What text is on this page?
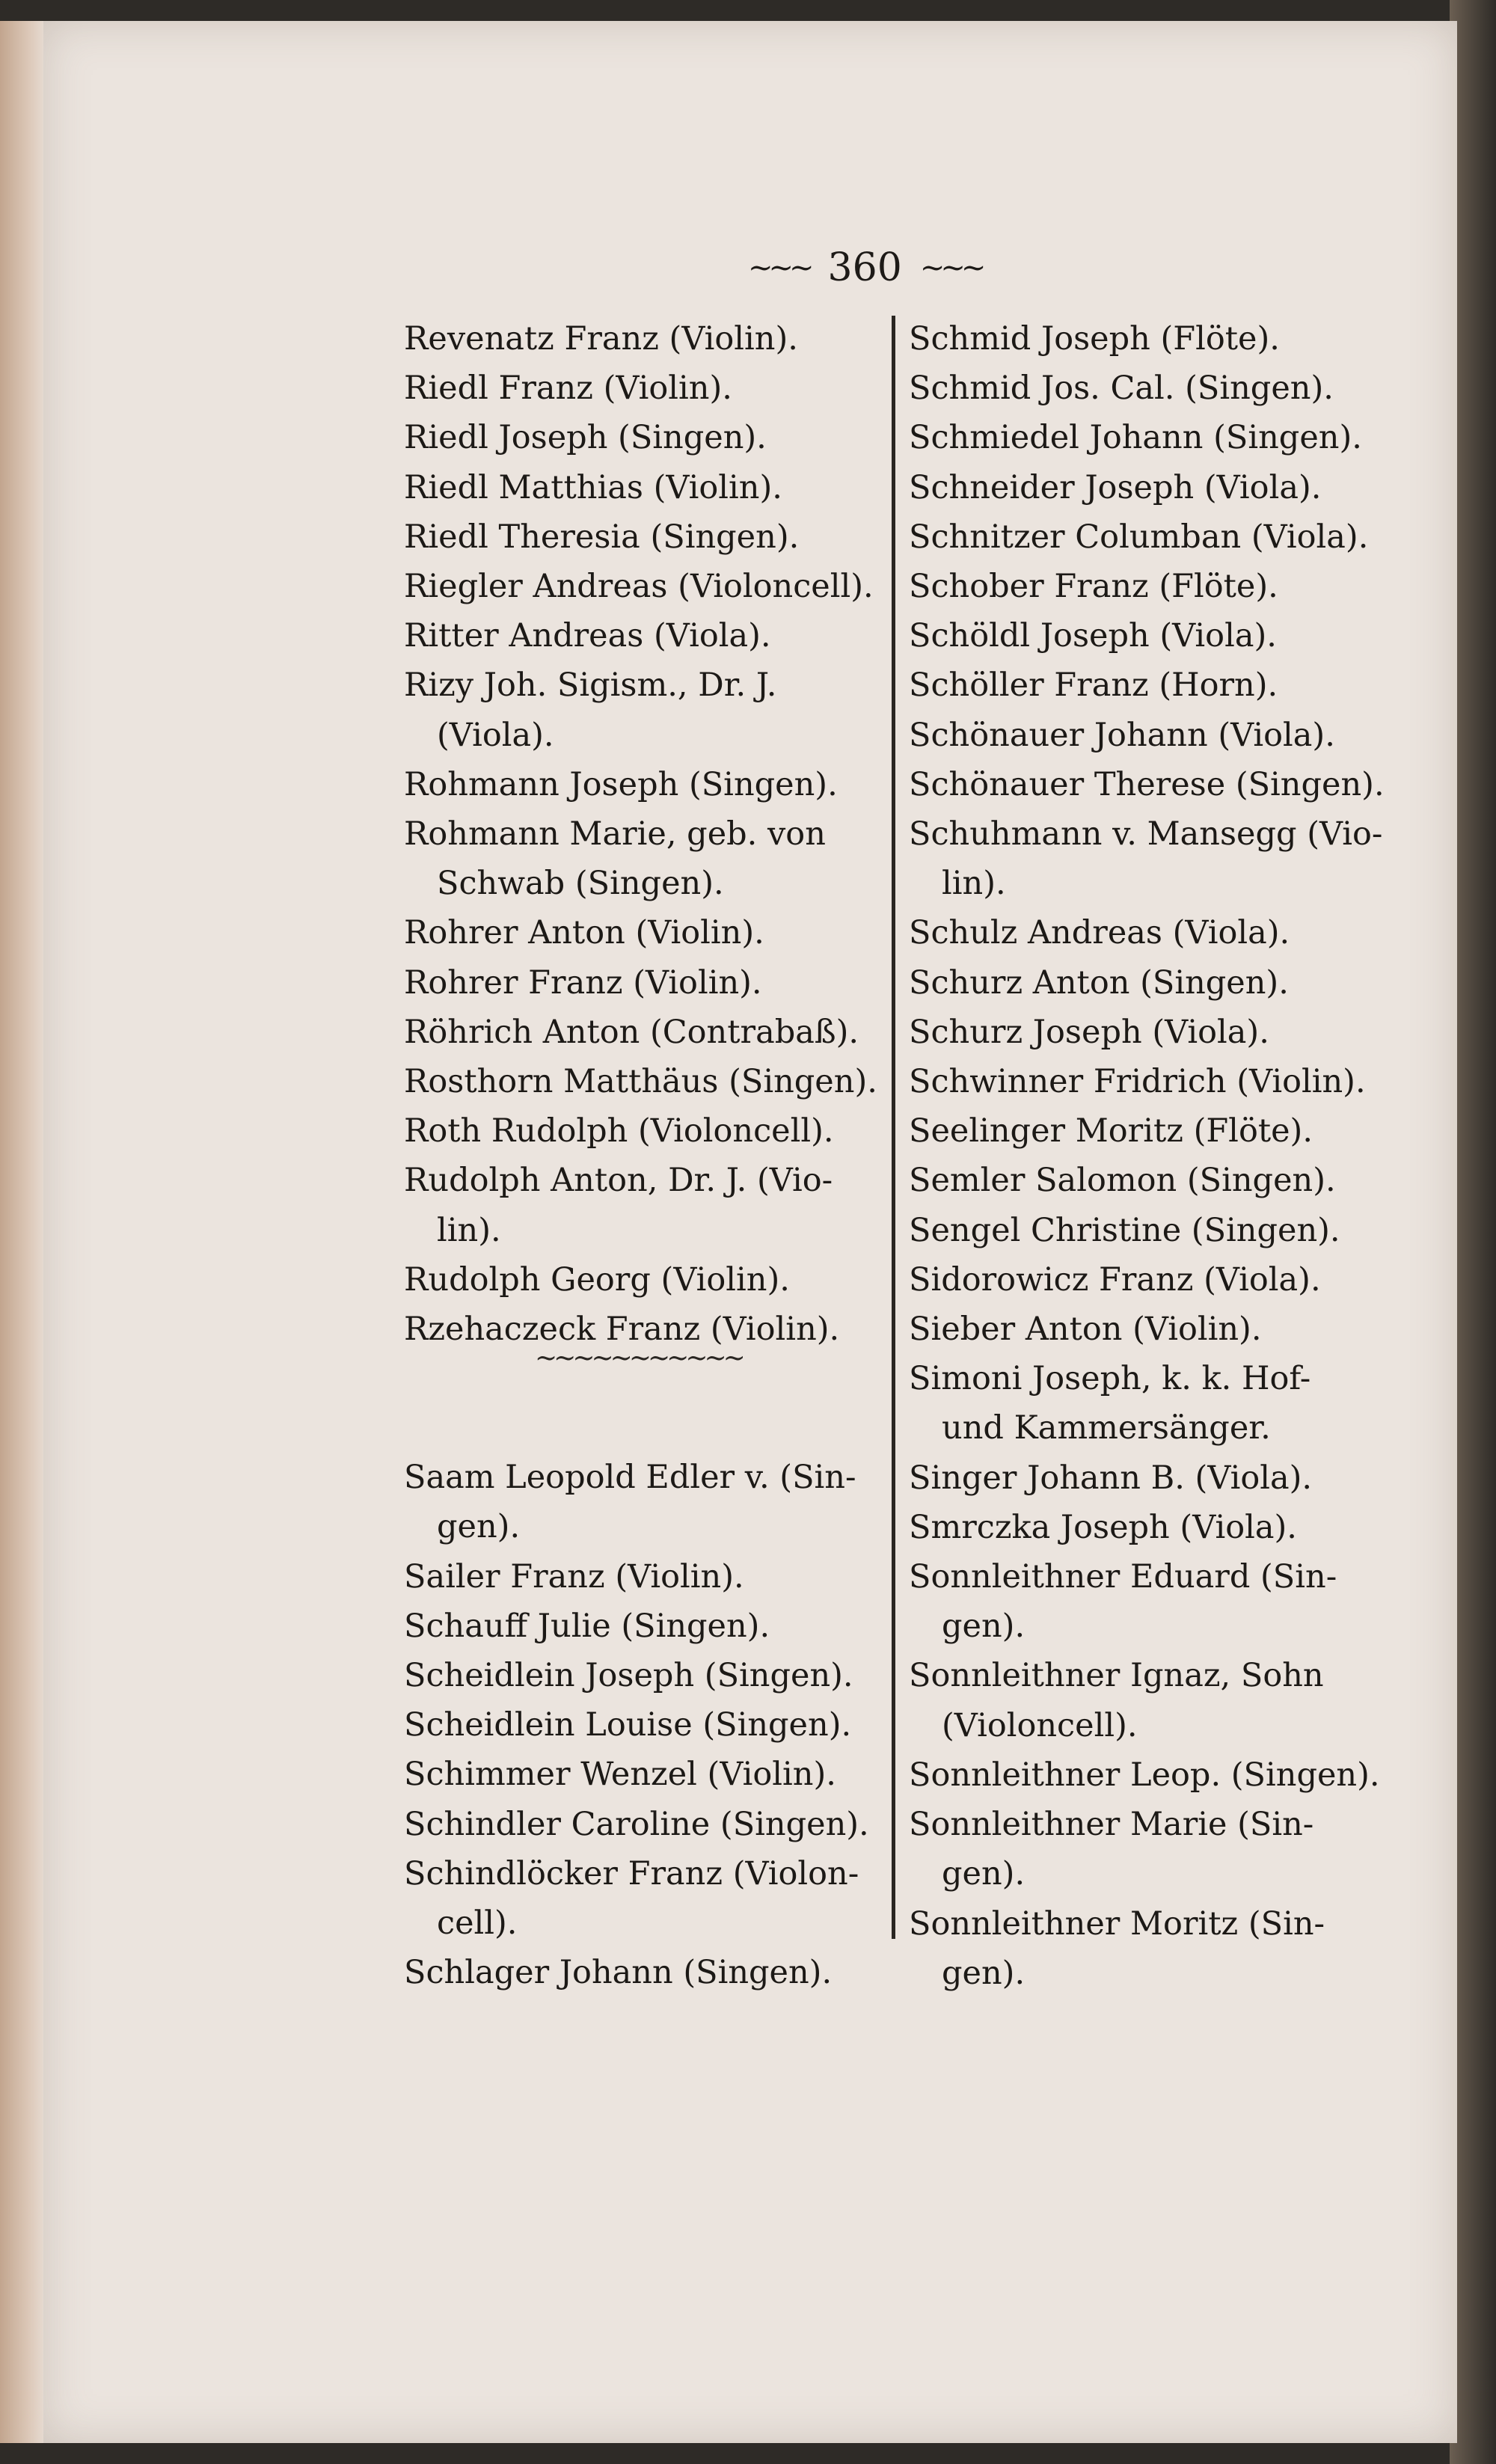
~~~ 360 ~~~

Revenatz Franz (Violin).

Riedl Franz (Violin).

Riedl Joseph (Singen).

Riedl Matthias (Violin).

Riedl Theresia (Singen).

Riegler Andreas (Violoncell).

Ritter Andreas (Viola).

Rizy Joh. Sigism., Dr. J.

(Viola).

Rohmann Joseph (Singen).

Rohmann Marie, geb. von

Schwab (Singen).

Rohrer Anton (Violin).

Rohrer Franz (Violin).

Röhrich Anton (Contrabaß).

Rosthorn Matthäus (Singen).

Roth Rudolph (Violoncell).

Rudolph Anton, Dr. J. (Vio-

lin).

Rudolph Georg (Violin).

Rzehaczeck Franz (Violin).

Saam Leopold Edler v. (Sin-

gen).

Sailer Franz (Violin).

Schauff Julie (Singen).

Scheidlein Joseph (Singen).

Scheidlein Louise (Singen).

Schimmer Wenzel (Violin).

Schindler Caroline (Singen).

Schindlöcker Franz (Violon-

cell).

Schlager Johann (Singen).

~~~~~~~~~~~

Schmid Joseph (Flöte).

Schmid Jos. Cal. (Singen).

Schmiedel Johann (Singen).

Schneider Joseph (Viola).

Schnitzer Columban (Viola).

Schober Franz (Flöte).

Schöldl Joseph (Viola).

Schöller Franz (Horn).

Schönauer Johann (Viola).

Schönauer Therese (Singen).

Schuhmann v. Mansegg (Vio-

lin).

Schulz Andreas (Viola).

Schurz Anton (Singen).

Schurz Joseph (Viola).

Schwinner Fridrich (Violin).

Seelinger Moritz (Flöte).

Semler Salomon (Singen).

Sengel Christine (Singen).

Sidorowicz Franz (Viola).

Sieber Anton (Violin).

Simoni Joseph, k. k. Hof-

und Kammersänger.

Singer Johann B. (Viola).

Smrczka Joseph (Viola).

Sonnleithner Eduard (Sin-

gen).

Sonnleithner Ignaz, Sohn

(Violoncell).

Sonnleithner Leop. (Singen).

Sonnleithner Marie (Sin-

gen).

Sonnleithner Moritz (Sin-

gen).
